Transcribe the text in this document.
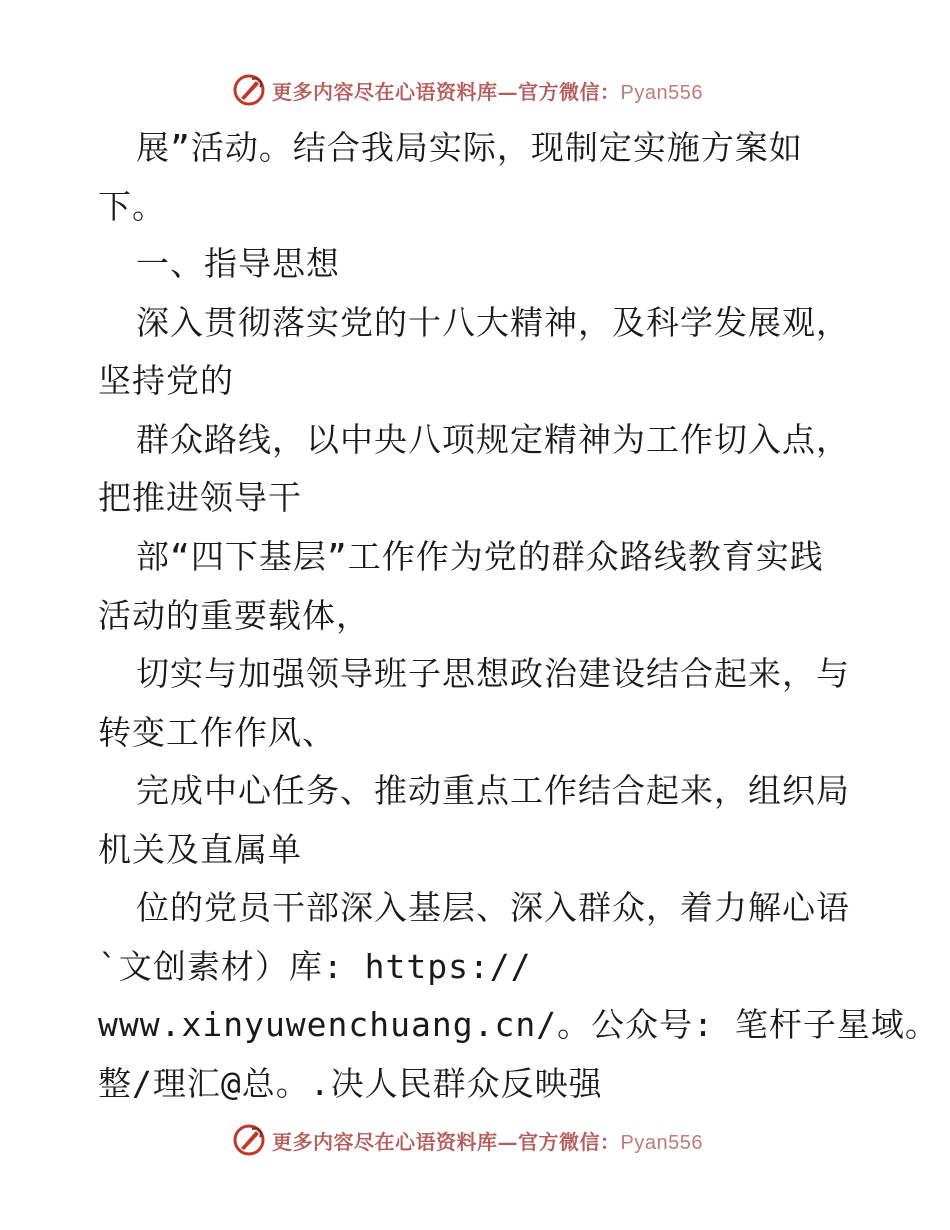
更多内容尽在心语资料库—官方微信：Pyan556
展”活动。结合我局实际，现制定实施方案如
下。
一、指导思想
深入贯彻落实党的十八大精神，及科学发展观，
坚持党的
群众路线，以中央八项规定精神为工作切入点，
把推进领导干
部“四下基层”工作作为党的群众路线教育实践
活动的重要载体，
切实与加强领导班子思想政治建设结合起来，与
转变工作作风、
完成中心任务、推动重点工作结合起来，组织局
机关及直属单
位的党员干部深入基层、深入群众，着力解心语
`文创素材）库: https://
www.xinyuwenchuang.cn/。公众号: 笔杆子星域。
整/理汇@总。.决人民群众反映强
更多内容尽在心语资料库—官方微信：Pyan556
